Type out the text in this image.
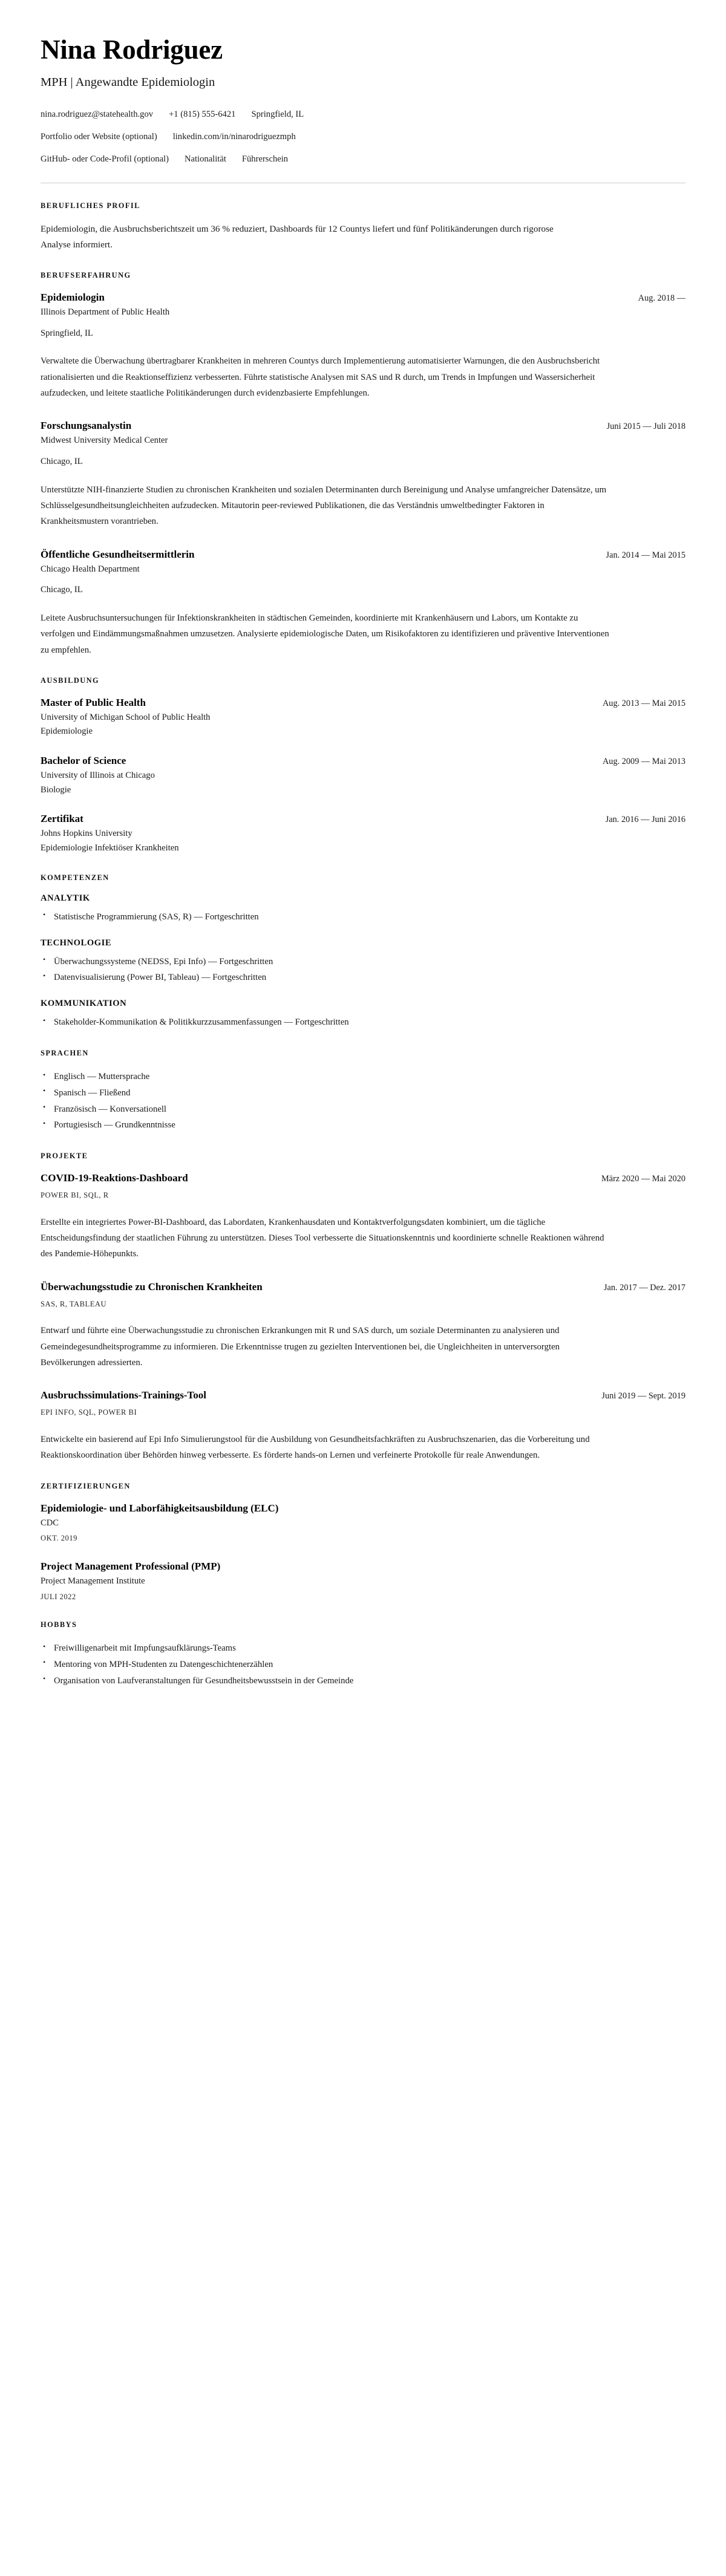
Nina Rodriguez
MPH | Angewandte Epidemiologin
nina.rodriguez@statehealth.gov +1 (815) 555-6421 Springfield, IL
Portfolio oder Website (optional) linkedin.com/in/ninarodriguezmph
GitHub- oder Code-Profil (optional) Nationalität Führerschein
BERUFLICHES PROFIL

Epidemiologin, die Ausbruchsberichtszeit um 36 % reduziert, Dashboards für 12 Countys liefert und fünf Politikänderungen durch rigorose Analyse informiert.

BERUFSERFAHRUNG
Epidemiologin	Aug. 2018 —
Illinois Department of Public Health
Springfield, IL

Verwaltete die Überwachung übertragbarer Krankheiten in mehreren Countys durch Implementierung automatisierter Warnungen, die den Ausbruchsbericht rationalisierten und die Reaktionseffizienz verbesserten. Führte statistische Analysen mit SAS und R durch, um Trends in Impfungen und Wassersicherheit aufzudecken, und leitete staatliche Politikänderungen durch evidenzbasierte Empfehlungen.

Forschungsanalystin	Juni 2015 — Juli 2018
Midwest University Medical Center
Chicago, IL

Unterstützte NIH-finanzierte Studien zu chronischen Krankheiten und sozialen Determinanten durch Bereinigung und Analyse umfangreicher Datensätze, um Schlüsselgesundheitsungleichheiten aufzudecken. Mitautorin peer-reviewed Publikationen, die das Verständnis umweltbedingter Faktoren in Krankheitsmustern vorantrieben.

Öffentliche Gesundheitsermittlerin	Jan. 2014 — Mai 2015
Chicago Health Department
Chicago, IL

Leitete Ausbruchsuntersuchungen für Infektionskrankheiten in städtischen Gemeinden, koordinierte mit Krankenhäusern und Labors, um Kontakte zu verfolgen und Eindämmungsmaßnahmen umzusetzen. Analysierte epidemiologische Daten, um Risikofaktoren zu identifizieren und präventive Interventionen zu empfehlen.

AUSBILDUNG
Master of Public Health	Aug. 2013 — Mai 2015
University of Michigan School of Public Health
Epidemiologie
Bachelor of Science	Aug. 2009 — Mai 2013
University of Illinois at Chicago
Biologie
Zertifikat	Jan. 2016 — Juni 2016
Johns Hopkins University
Epidemiologie Infektiöser Krankheiten
KOMPETENZEN
ANALYTIK
• Statistische Programmierung (SAS, R) — Fortgeschritten
TECHNOLOGIE
• Überwachungssysteme (NEDSS, Epi Info) — Fortgeschritten
• Datenvisualisierung (Power BI, Tableau) — Fortgeschritten
KOMMUNIKATION
• Stakeholder-Kommunikation & Politikkurzzusammenfassungen — Fortgeschritten
SPRACHEN
• Englisch — Muttersprache
• Spanisch — Fließend
• Französisch — Konversationell
• Portugiesisch — Grundkenntnisse
PROJEKTE
COVID-19-Reaktions-Dashboard	März 2020 — Mai 2020
POWER BI, SQL, R

Erstellte ein integriertes Power-BI-Dashboard, das Labordaten, Krankenhausdaten und Kontaktverfolgungsdaten kombiniert, um die tägliche Entscheidungsfindung der staatlichen Führung zu unterstützen. Dieses Tool verbesserte die Situationskenntnis und koordinierte schnelle Reaktionen während des Pandemie-Höhepunkts.

Überwachungsstudie zu Chronischen Krankheiten	Jan. 2017 — Dez. 2017
SAS, R, TABLEAU

Entwarf und führte eine Überwachungsstudie zu chronischen Erkrankungen mit R und SAS durch, um soziale Determinanten zu analysieren und Gemeindegesundheitsprogramme zu informieren. Die Erkenntnisse trugen zu gezielten Interventionen bei, die Ungleichheiten in unterversorgten Bevölkerungen adressierten.

Ausbruchssimulations-Trainings-Tool	Juni 2019 — Sept. 2019
EPI INFO, SQL, POWER BI

Entwickelte ein basierend auf Epi Info Simulierungstool für die Ausbildung von Gesundheitsfachkräften zu Ausbruchszenarien, das die Vorbereitung und Reaktionskoordination über Behörden hinweg verbesserte. Es förderte hands-on Lernen und verfeinerte Protokolle für reale Anwendungen.

ZERTIFIZIERUNGEN
Epidemiologie- und Laborfähigkeitsausbildung (ELC)
CDC
OKT. 2019
Project Management Professional (PMP)
Project Management Institute
JULI 2022
HOBBYS
• Freiwilligenarbeit mit Impfungsaufklärungs-Teams
• Mentoring von MPH-Studenten zu Datengeschichtenerzählen
• Organisation von Laufveranstaltungen für Gesundheitsbewusstsein in der Gemeinde
